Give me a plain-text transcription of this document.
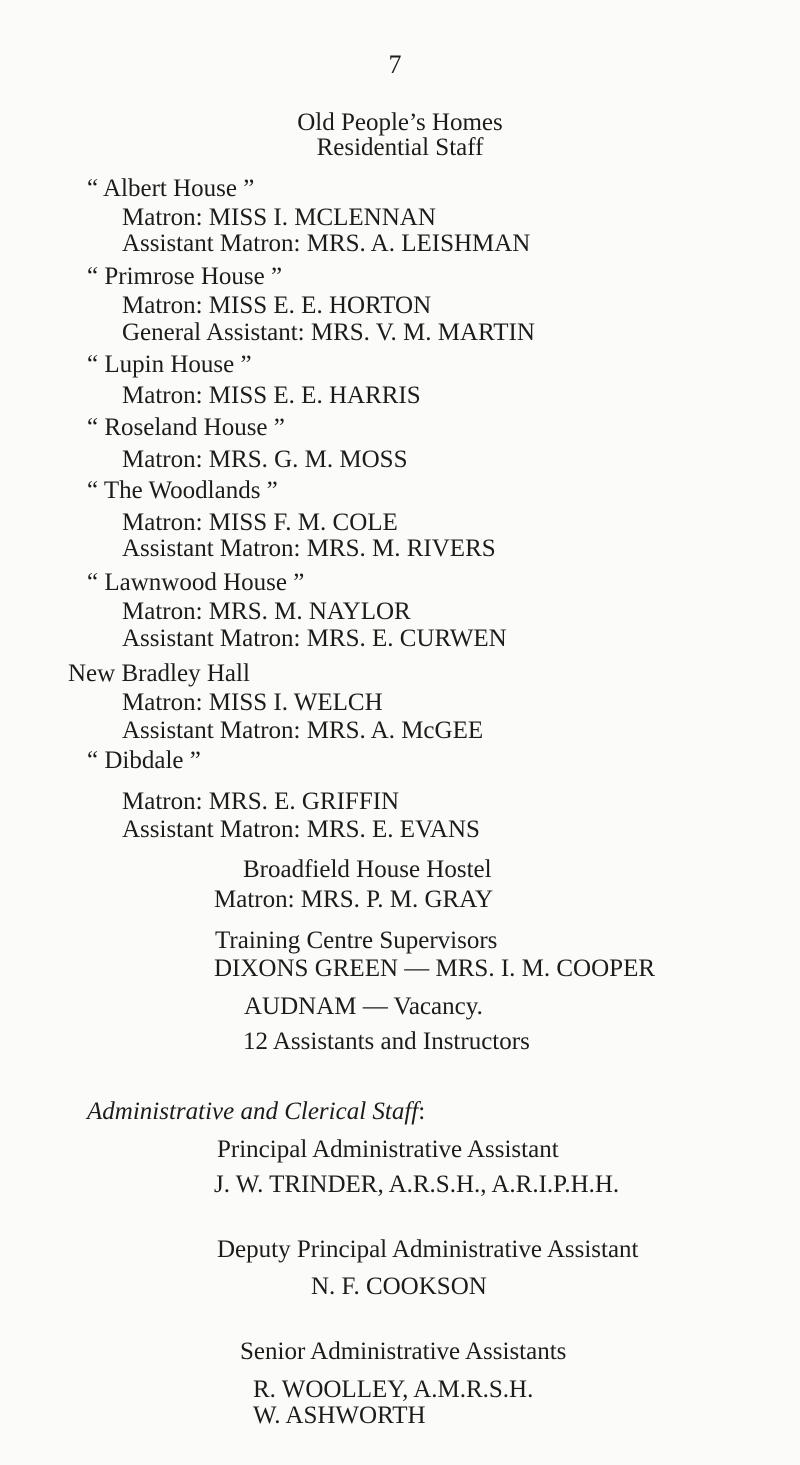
7
Old People’s Homes
Residential Staff
“ Albert House ”
Matron: MISS I. MCLENNAN
Assistant Matron: MRS. A. LEISHMAN
“ Primrose House ”
Matron: MISS E. E. HORTON
General Assistant: MRS. V. M. MARTIN
“ Lupin House ”
Matron: MISS E. E. HARRIS
“ Roseland House ”
Matron: MRS. G. M. MOSS
“ The Woodlands ”
Matron: MISS F. M. COLE
Assistant Matron: MRS. M. RIVERS
“ Lawnwood House ”
Matron: MRS. M. NAYLOR
Assistant Matron: MRS. E. CURWEN
New Bradley Hall
Matron: MISS I. WELCH
Assistant Matron: MRS. A. McGEE
“ Dibdale ”
Matron: MRS. E. GRIFFIN
Assistant Matron: MRS. E. EVANS
Broadfield House Hostel
Matron: MRS. P. M. GRAY
Training Centre Supervisors
DIXONS GREEN — MRS. I. M. COOPER
AUDNAM — Vacancy.
12 Assistants and Instructors
Administrative and Clerical Staff:
Principal Administrative Assistant
J. W. TRINDER, A.R.S.H., A.R.I.P.H.H.
Deputy Principal Administrative Assistant
N. F. COOKSON
Senior Administrative Assistants
R. WOOLLEY, A.M.R.S.H.
W. ASHWORTH
